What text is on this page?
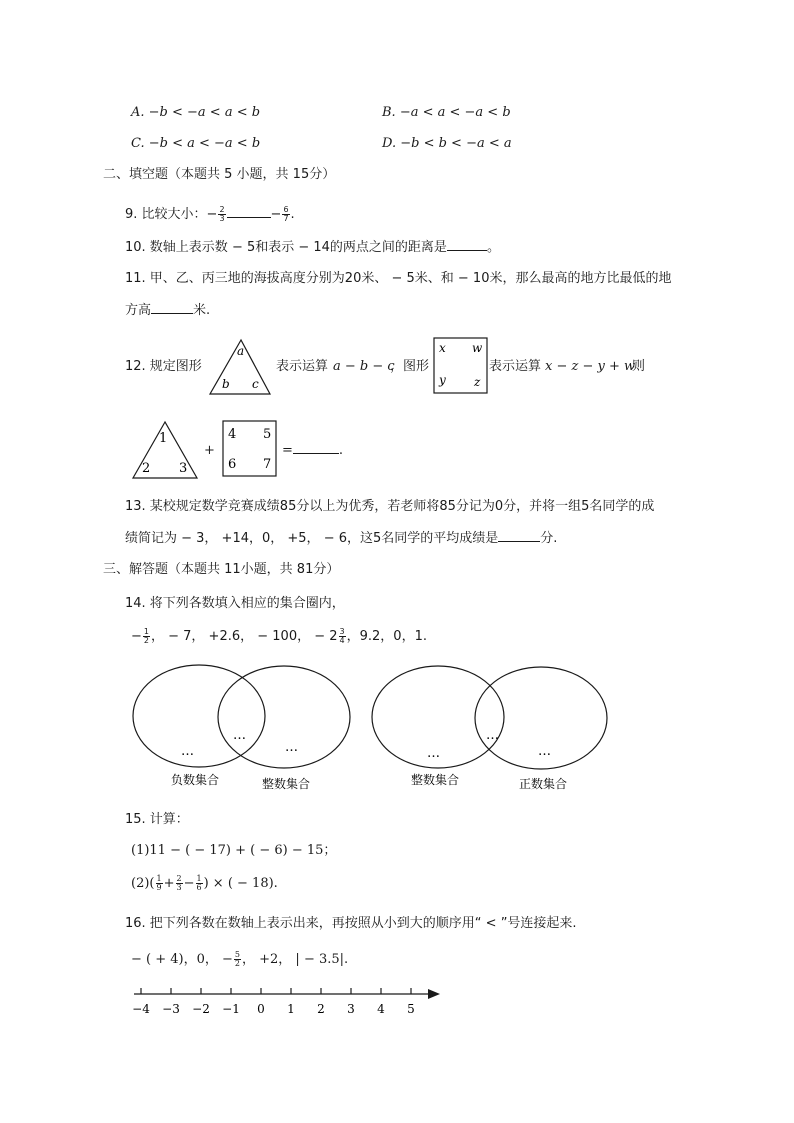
A. −b < −a < a < b	B. −a < a < −a < b
C. −b < a < −a < b	D. −b < b < −a < a
二、填空题（本题共 5 小题，共 15分）
9. 比较大小：− $\frac{2}{3}$	− $\frac{6}{7}$ .
10. 数轴上表示数 − 5和表示 − 14的两点之间的距离是	。
11. 甲、乙、丙三地的海拔高度分别为20米、 − 5米、和 − 10米，那么最高的地方比最低的地
方高	米.
12. 规定图形
a
b c
表示运算 a − b − c
，图形
x w
y z
表示运算 x − z − y + w
则
1
2 3
+
4 5
6 7
=	.
13. 某校规定数学竞赛成绩85分以上为优秀，若老师将85分记为0分，并将一组5名同学的成
绩简记为 − 3， +14，0， +5， − 6，这5名同学的平均成绩是	分.
三、解答题（本题共 11小题，共 81分）
14. 将下列各数填入相应的集合圈内，
− $\frac{1}{2}$ ， − 7， +2.6， − 100， − $2 \frac{3}{4}$ ，9.2，0，1.
…
…
…
负数集合	整数集合
…
…
…
整数集合	正数集合
15. 计算：
(1)11 − ( − 17) + ( − 6) − 15；
$(2)( \frac{1}{9} + \frac{2}{3} - \frac{1}{6}$ ) × ( − 18).
16. 把下列各数在数轴上表示出来，再按照从小到大的顺序用“ < ”号连接起来.
− ( + 4)，0， − $\frac{5}{2}$ ， +2， | − 3.5|.
−4 −3 −2 −1 0 1 2 3 4 5
